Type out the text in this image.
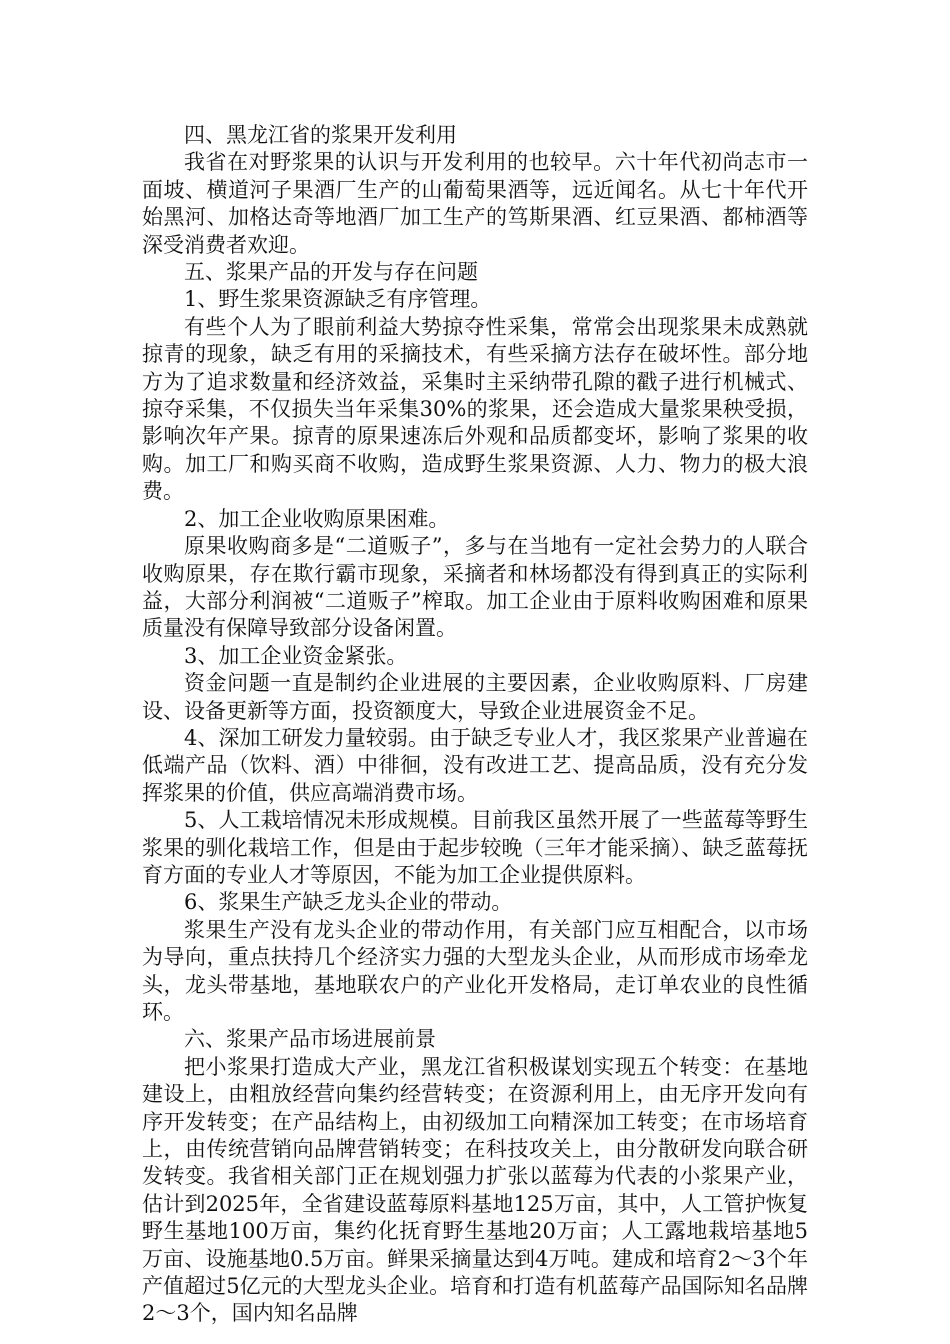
四、黑龙江省的浆果开发利用

我省在对野浆果的认识与开发利用的也较早。六十年代初尚志市一面坡、横道河子果酒厂生产的山葡萄果酒等，远近闻名。从七十年代开始黑河、加格达奇等地酒厂加工生产的笃斯果酒、红豆果酒、都柿酒等深受消费者欢迎。

五、浆果产品的开发与存在问题

1、野生浆果资源缺乏有序管理。

有些个人为了眼前利益大势掠夺性采集，常常会出现浆果未成熟就掠青的现象，缺乏有用的采摘技术，有些采摘方法存在破坏性。部分地方为了追求数量和经济效益，采集时主采纳带孔隙的戳子进行机械式、掠夺采集，不仅损失当年采集30%的浆果，还会造成大量浆果秧受损，影响次年产果。掠青的原果速冻后外观和品质都变坏，影响了浆果的收购。加工厂和购买商不收购，造成野生浆果资源、人力、物力的极大浪费。

2、加工企业收购原果困难。

原果收购商多是“二道贩子”，多与在当地有一定社会势力的人联合收购原果，存在欺行霸市现象，采摘者和林场都没有得到真正的实际利益，大部分利润被“二道贩子”榨取。加工企业由于原料收购困难和原果质量没有保障导致部分设备闲置。

3、加工企业资金紧张。

资金问题一直是制约企业进展的主要因素，企业收购原料、厂房建设、设备更新等方面，投资额度大，导致企业进展资金不足。

4、深加工研发力量较弱。由于缺乏专业人才，我区浆果产业普遍在低端产品（饮料、酒）中徘徊，没有改进工艺、提高品质，没有充分发挥浆果的价值，供应高端消费市场。

5、人工栽培情况未形成规模。目前我区虽然开展了一些蓝莓等野生浆果的驯化栽培工作，但是由于起步较晚（三年才能采摘）、缺乏蓝莓抚育方面的专业人才等原因，不能为加工企业提供原料。

6、浆果生产缺乏龙头企业的带动。

浆果生产没有龙头企业的带动作用，有关部门应互相配合，以市场为导向，重点扶持几个经济实力强的大型龙头企业，从而形成市场牵龙头，龙头带基地，基地联农户的产业化开发格局，走订单农业的良性循环。

六、浆果产品市场进展前景

把小浆果打造成大产业，黑龙江省积极谋划实现五个转变：在基地建设上，由粗放经营向集约经营转变；在资源利用上，由无序开发向有序开发转变；在产品结构上，由初级加工向精深加工转变；在市场培育上，由传统营销向品牌营销转变；在科技攻关上，由分散研发向联合研发转变。我省相关部门正在规划强力扩张以蓝莓为代表的小浆果产业，估计到2025年，全省建设蓝莓原料基地125万亩，其中，人工管护恢复野生基地100万亩，集约化抚育野生基地20万亩；人工露地栽培基地5万亩、设施基地0.5万亩。鲜果采摘量达到4万吨。建成和培育2～3个年产值超过5亿元的大型龙头企业。培育和打造有机蓝莓产品国际知名品牌2～3个，国内知名品牌
